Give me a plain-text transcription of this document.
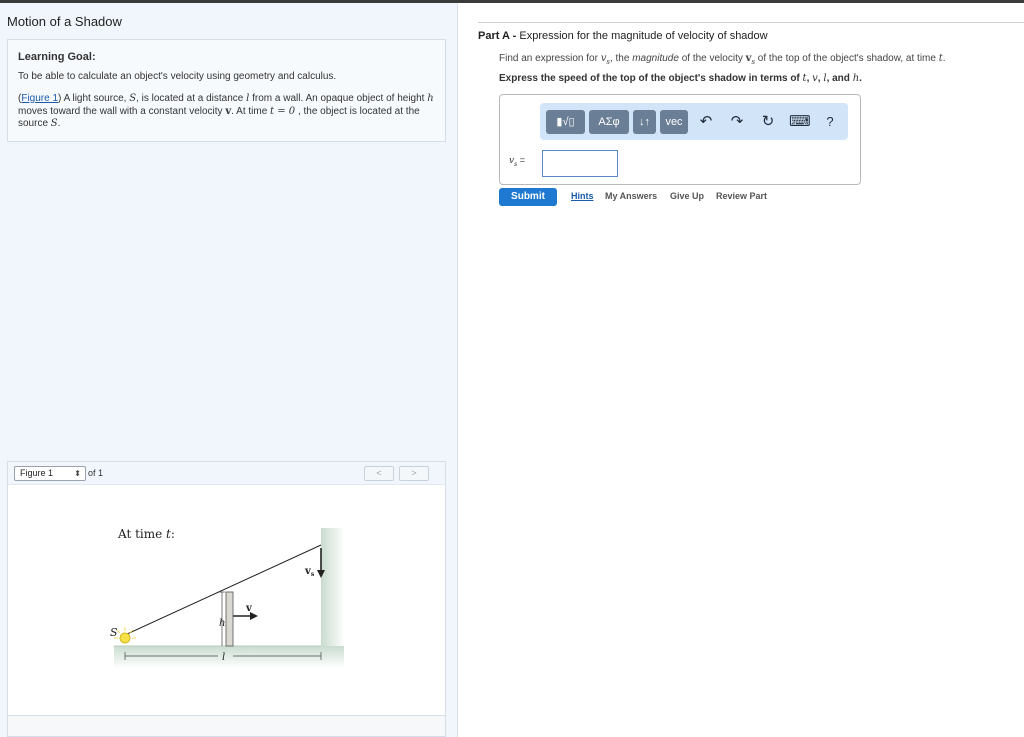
Motion of a Shadow
Learning Goal:
To be able to calculate an object's velocity using geometry and calculus.
(Figure 1) A light source, S, is located at a distance l from a wall. An opaque object of height h moves toward the wall with a constant velocity v. At time t = 0 , the object is located at the source S.
Figure 1	⬍ of 1	<	>
At time t:
S
h
v
$v_s$
l
Part A - Expression for the magnitude of velocity of shadow
Find an expression for $v_s$, the magnitude of the velocity $v_s$ of the top of the object's shadow, at time t.
Express the speed of the top of the object's shadow in terms of t, v, l, and h.
▮√▯	ΑΣφ	↓↑	vec	↶ ↷ ↻ ⌨	?
$v_s$ =
Submit	Hints My Answers Give Up Review Part
